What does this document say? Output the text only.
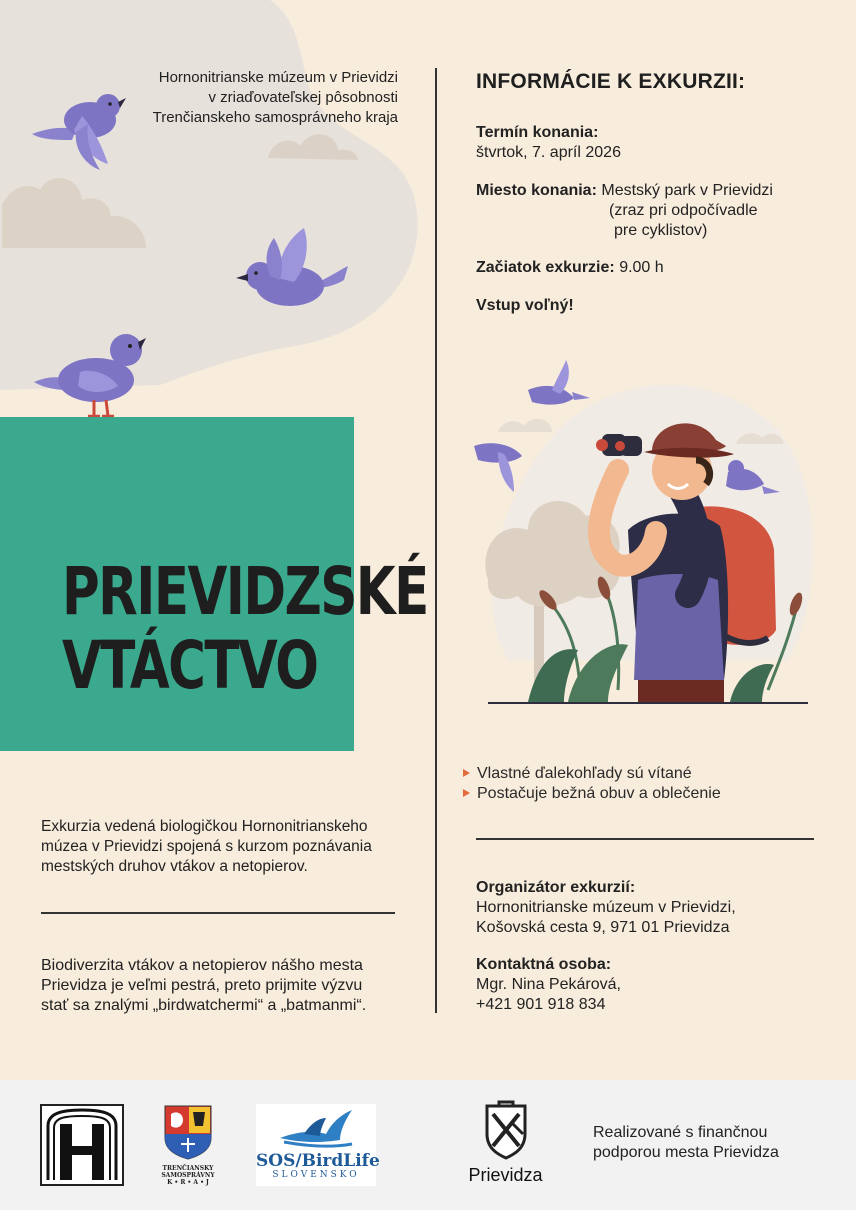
Hornonitrianske múzeum v Prievidzi
v zriaďovateľskej pôsobnosti
Trenčianskeho samosprávneho kraja
INFORMÁCIE K EXKURZII:
Termín konania:
štvrtok, 7. apríl 2026
Miesto konania: Mestský park v Prievidzi
(zraz pri odpočívadle
pre cyklistov)
Začiatok exkurzie: 9.00 h
Vstup voľný!
PRIEVIDZSKÉ
VTÁCTVO
Vlastné ďalekohľady sú vítané
Postačuje bežná obuv a oblečenie
Exkurzia vedená biologičkou Hornonitrianskeho
múzea v Prievidzi spojená s kurzom poznávania
mestských druhov vtákov a netopierov.
Biodiverzita vtákov a netopierov nášho mesta
Prievidza je veľmi pestrá, preto prijmite výzvu
stať sa znalými „birdwatchermi“ a „batmanmi“.
Organizátor exkurzií:
Hornonitrianske múzeum v Prievidzi,
Košovská cesta 9, 971 01 Prievidza
Kontaktná osoba:
Mgr. Nina Pekárová,
+421 901 918 834
TRENČIANSKY
SAMOSPRÁVNY
K • R • A • J
SOS/BirdLife
SLOVENSKO	Prievidza
Realizované s finančnou
podporou mesta Prievidza
